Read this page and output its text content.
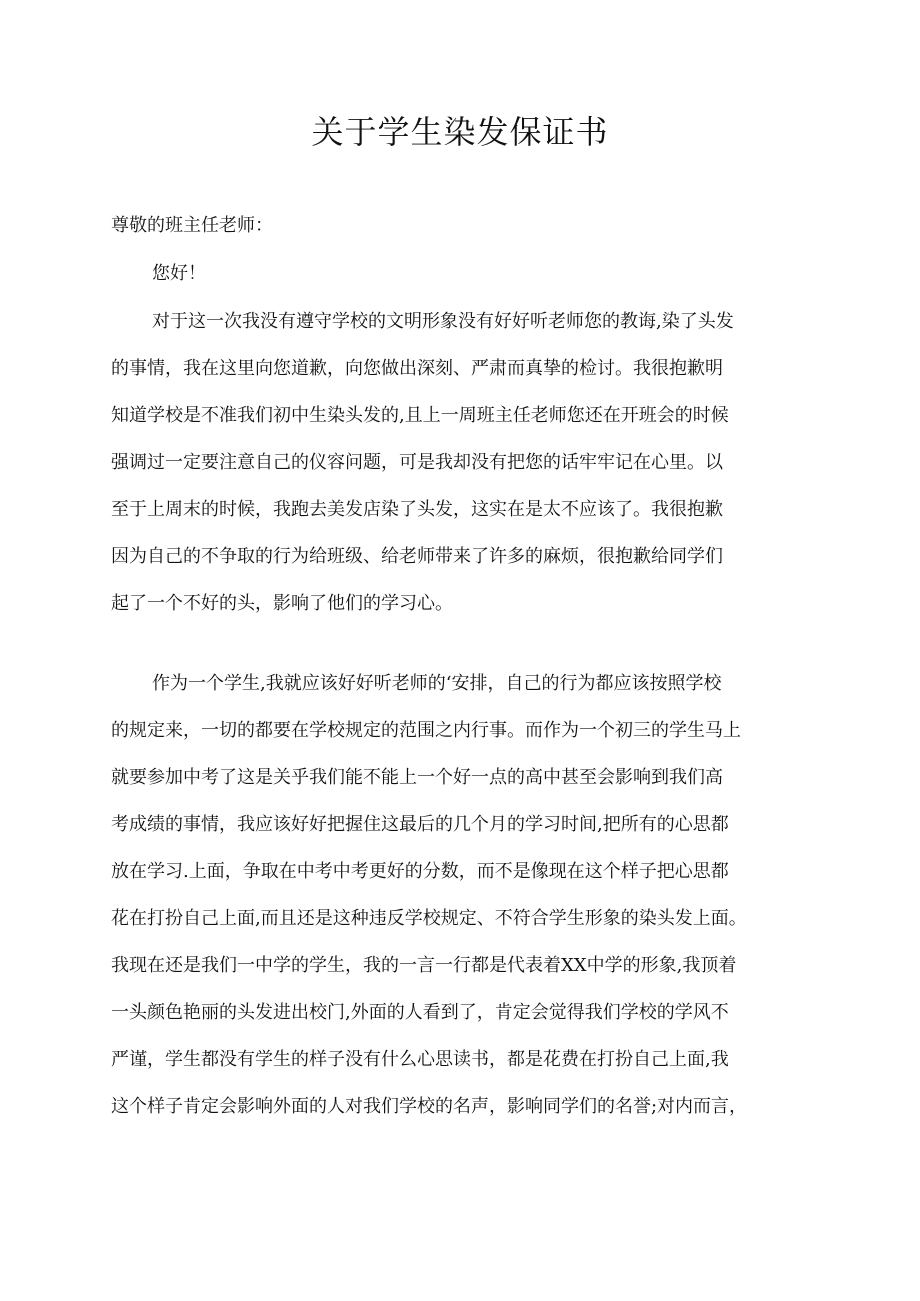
关于学生染发保证书

尊敬的班主任老师：

您好！

对于这一次我没有遵守学校的文明形象没有好好听老师您的教诲,染了头发

的事情，我在这里向您道歉，向您做出深刻、严肃而真挚的检讨。我很抱歉明

知道学校是不准我们初中生染头发的,且上一周班主任老师您还在开班会的时候

强调过一定要注意自己的仪容问题，可是我却没有把您的话牢牢记在心里。以

至于上周末的时候，我跑去美发店染了头发，这实在是太不应该了。我很抱歉

因为自己的不争取的行为给班级、给老师带来了许多的麻烦，很抱歉给同学们

起了一个不好的头，影响了他们的学习心。

作为一个学生,我就应该好好听老师的‘安排，自己的行为都应该按照学校

的规定来，一切的都要在学校规定的范围之内行事。而作为一个初三的学生马上

就要参加中考了这是关乎我们能不能上一个好一点的高中甚至会影响到我们高

考成绩的事情，我应该好好把握住这最后的几个月的学习时间,把所有的心思都

放在学习.上面，争取在中考中考更好的分数，而不是像现在这个样子把心思都

花在打扮自己上面,而且还是这种违反学校规定、不符合学生形象的染头发上面。

我现在还是我们一中学的学生，我的一言一行都是代表着XX中学的形象,我顶着

一头颜色艳丽的头发进出校门,外面的人看到了，肯定会觉得我们学校的学风不

严谨，学生都没有学生的样子没有什么心思读书，都是花费在打扮自己上面,我

这个样子肯定会影响外面的人对我们学校的名声，影响同学们的名誉;对内而言，
